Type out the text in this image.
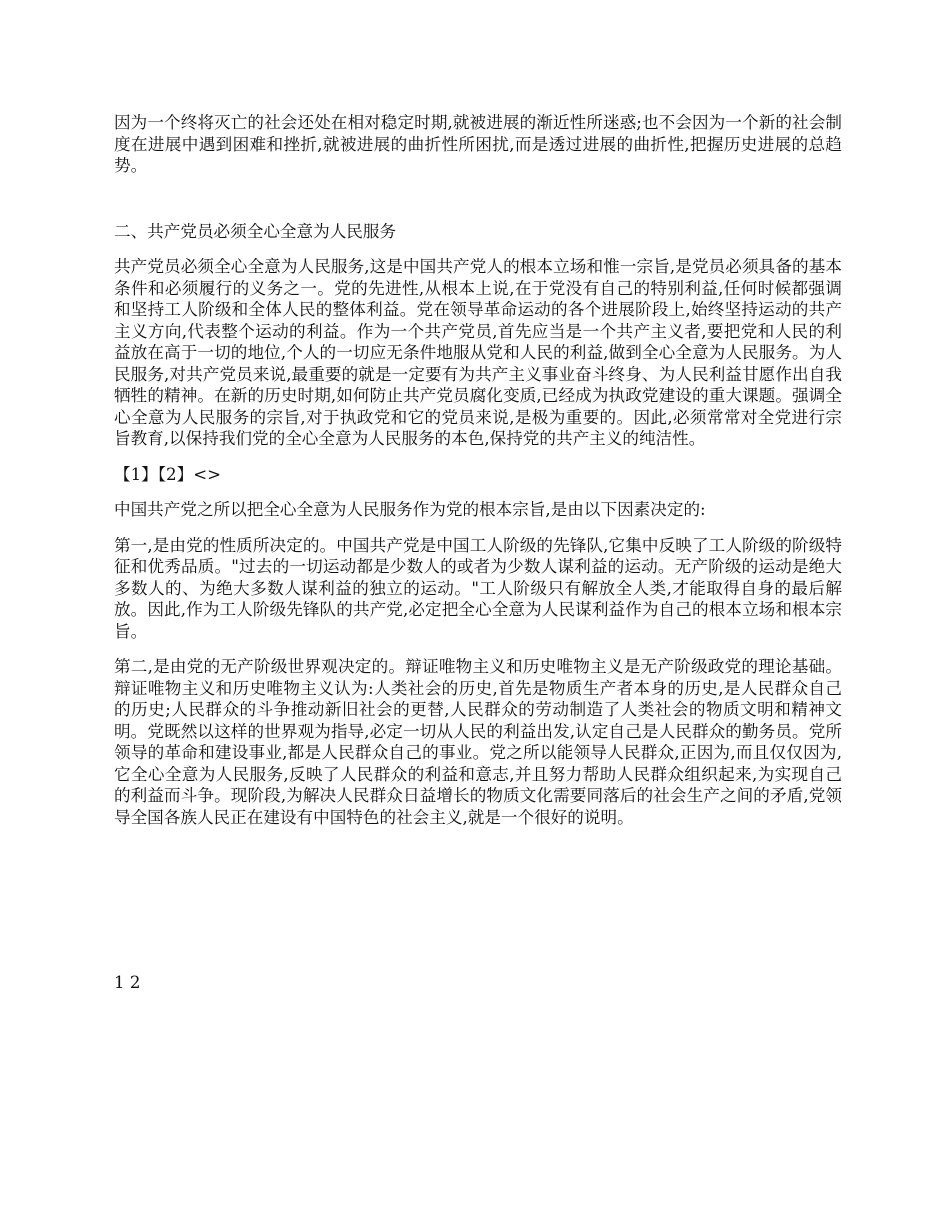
因为一个终将灭亡的社会还处在相对稳定时期,就被进展的渐近性所迷惑;也不会因为一个新的社会制度在进展中遇到困难和挫折,就被进展的曲折性所困扰,而是透过进展的曲折性,把握历史进展的总趋势。

二、共产党员必须全心全意为人民服务

共产党员必须全心全意为人民服务,这是中国共产党人的根本立场和惟一宗旨,是党员必须具备的基本条件和必须履行的义务之一。党的先进性,从根本上说,在于党没有自己的特别利益,任何时候都强调和坚持工人阶级和全体人民的整体利益。党在领导革命运动的各个进展阶段上,始终坚持运动的共产主义方向,代表整个运动的利益。作为一个共产党员,首先应当是一个共产主义者,要把党和人民的利益放在高于一切的地位,个人的一切应无条件地服从党和人民的利益,做到全心全意为人民服务。为人民服务,对共产党员来说,最重要的就是一定要有为共产主义事业奋斗终身、为人民利益甘愿作出自我牺牲的精神。在新的历史时期,如何防止共产党员腐化变质,已经成为执政党建设的重大课题。强调全心全意为人民服务的宗旨,对于执政党和它的党员来说,是极为重要的。因此,必须常常对全党进行宗旨教育,以保持我们党的全心全意为人民服务的本色,保持党的共产主义的纯洁性。

【1】【2】<>

中国共产党之所以把全心全意为人民服务作为党的根本宗旨,是由以下因素决定的:

第一,是由党的性质所决定的。中国共产党是中国工人阶级的先锋队,它集中反映了工人阶级的阶级特征和优秀品质。"过去的一切运动都是少数人的或者为少数人谋利益的运动。无产阶级的运动是绝大多数人的、为绝大多数人谋利益的独立的运动。"工人阶级只有解放全人类,才能取得自身的最后解放。因此,作为工人阶级先锋队的共产党,必定把全心全意为人民谋利益作为自己的根本立场和根本宗旨。

第二,是由党的无产阶级世界观决定的。辩证唯物主义和历史唯物主义是无产阶级政党的理论基础。辩证唯物主义和历史唯物主义认为:人类社会的历史,首先是物质生产者本身的历史,是人民群众自己的历史;人民群众的斗争推动新旧社会的更替,人民群众的劳动制造了人类社会的物质文明和精神文明。党既然以这样的世界观为指导,必定一切从人民的利益出发,认定自己是人民群众的勤务员。党所领导的革命和建设事业,都是人民群众自己的事业。党之所以能领导人民群众,正因为,而且仅仅因为,它全心全意为人民服务,反映了人民群众的利益和意志,并且努力帮助人民群众组织起来,为实现自己的利益而斗争。现阶段,为解决人民群众日益增长的物质文化需要同落后的社会生产之间的矛盾,党领导全国各族人民正在建设有中国特色的社会主义,就是一个很好的说明。

1 2
